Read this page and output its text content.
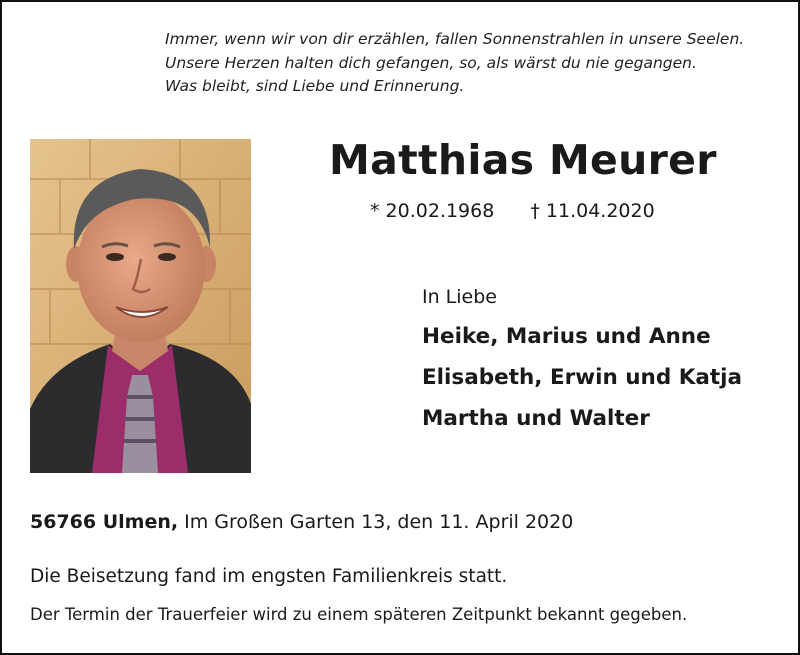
Immer, wenn wir von dir erzählen, fallen Sonnenstrahlen in unsere Seelen.
Unsere Herzen halten dich gefangen, so, als wärst du nie gegangen.
Was bleibt, sind Liebe und Erinnerung.
Matthias Meurer
* 20.02.1968 † 11.04.2020
In Liebe
Heike, Marius und Anne
Elisabeth, Erwin und Katja
Martha und Walter
56766 Ulmen, Im Großen Garten 13, den 11. April 2020
Die Beisetzung fand im engsten Familienkreis statt.
Der Termin der Trauerfeier wird zu einem späteren Zeitpunkt bekannt gegeben.
